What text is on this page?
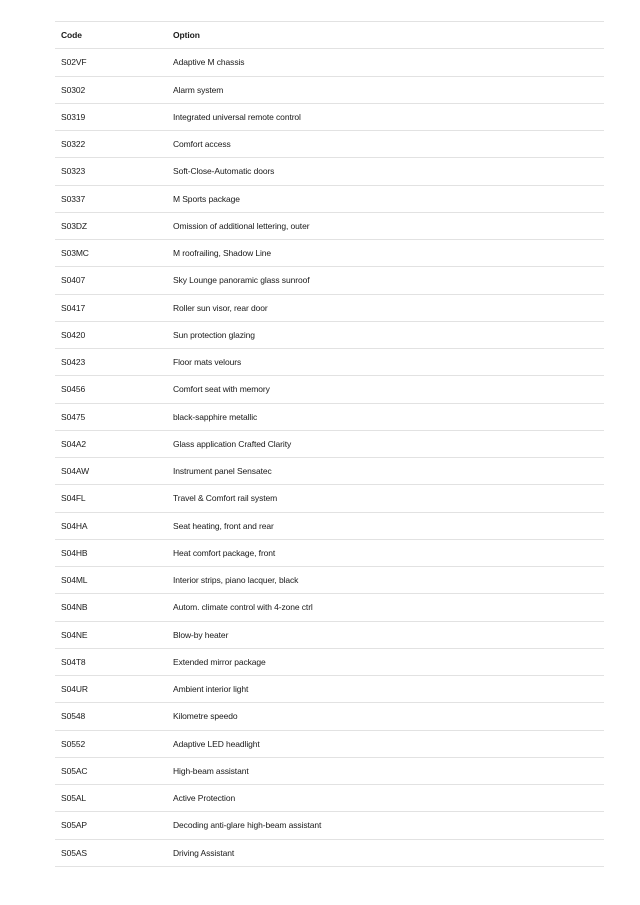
Code	Option
S02VF	Adaptive M chassis
S0302	Alarm system
S0319	Integrated universal remote control
S0322	Comfort access
S0323	Soft-Close-Automatic doors
S0337	M Sports package
S03DZ	Omission of additional lettering, outer
S03MC	M roofrailing, Shadow Line
S0407	Sky Lounge panoramic glass sunroof
S0417	Roller sun visor, rear door
S0420	Sun protection glazing
S0423	Floor mats velours
S0456	Comfort seat with memory
S0475	black-sapphire metallic
S04A2	Glass application Crafted Clarity
S04AW	Instrument panel Sensatec
S04FL	Travel & Comfort rail system
S04HA	Seat heating, front and rear
S04HB	Heat comfort package, front
S04ML	Interior strips, piano lacquer, black
S04NB	Autom. climate control with 4-zone ctrl
S04NE	Blow-by heater
S04T8	Extended mirror package
S04UR	Ambient interior light
S0548	Kilometre speedo
S0552	Adaptive LED headlight
S05AC	High-beam assistant
S05AL	Active Protection
S05AP	Decoding anti-glare high-beam assistant
S05AS	Driving Assistant
